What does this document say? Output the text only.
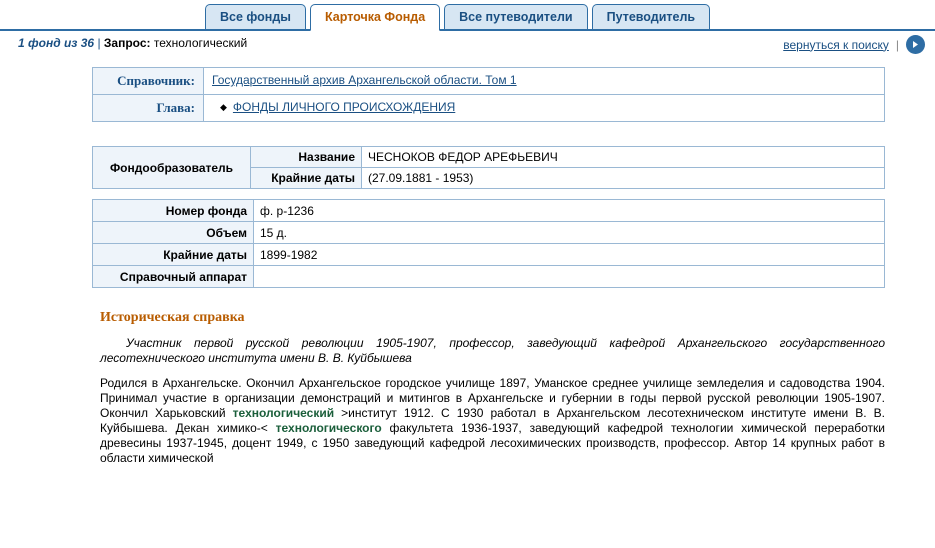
Все фонды	Карточка Фонда	Все путеводители	Путеводитель
1 фонд из 36 | Запрос: технологический	вернуться к поиску |
Справочник:	Государственный архив Архангельской области. Том 1
Глава:	◆ ФОНДЫ ЛИЧНОГО ПРОИСХОЖДЕНИЯ
Фондообразователь	Название	ЧЕСНОКОВ ФЕДОР АРЕФЬЕВИЧ
	Крайние даты	(27.09.1881 - 1953)
Номер фонда	ф. р-1236
Объем	15 д.
Крайние даты	1899-1982
Справочный аппарат	
Историческая справка
Участник первой русской революции 1905-1907, профессор, заведующий кафедрой Архангельского государственного лесотехнического института имени В. В. Куйбышева
Родился в Архангельске. Окончил Архангельское городское училище 1897, Уманское среднее училище земледелия и садоводства 1904. Принимал участие в организации демонстраций и митингов в Архангельске и губернии в годы первой русской революции 1905-1907. Окончил Харьковский технологический >институт 1912. С 1930 работал в Архангельском лесотехническом институте имени В. В. Куйбышева. Декан химико-< технологического факультета 1936-1937, заведующий кафедрой технологии химической переработки древесины 1937-1945, доцент 1949, с 1950 заведующий кафедрой лесохимических производств, профессор. Автор 14 крупных работ в области химической
